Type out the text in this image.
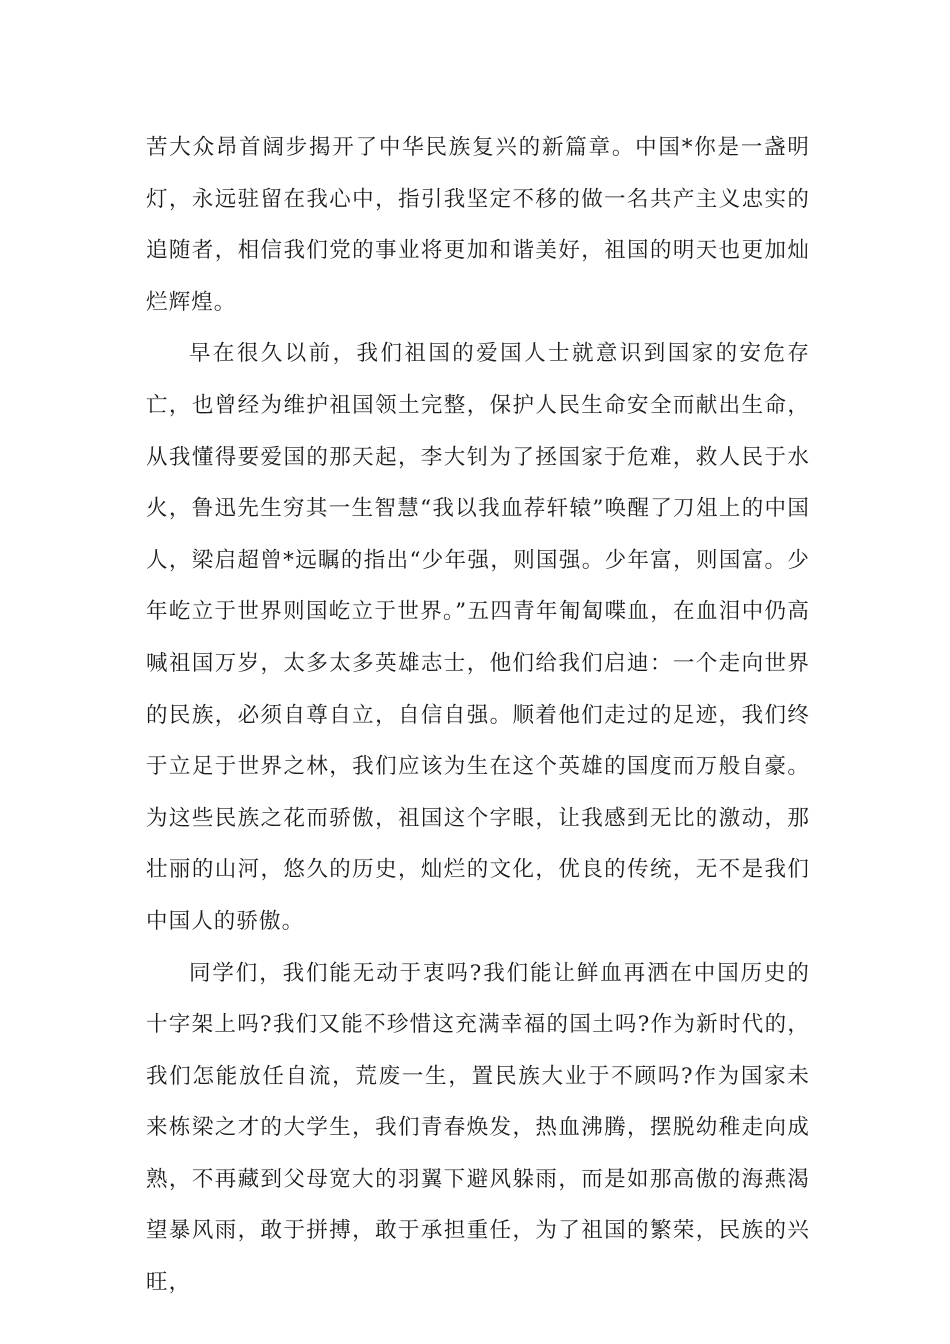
苦大众昂首阔步揭开了中华民族复兴的新篇章。中国*你是一盏明灯，永远驻留在我心中，指引我坚定不移的做一名共产主义忠实的追随者，相信我们党的事业将更加和谐美好，祖国的明天也更加灿烂辉煌。

早在很久以前，我们祖国的爱国人士就意识到国家的安危存亡，也曾经为维护祖国领土完整，保护人民生命安全而献出生命，从我懂得要爱国的那天起，李大钊为了拯国家于危难，救人民于水火，鲁迅先生穷其一生智慧“我以我血荐轩辕”唤醒了刀俎上的中国人，梁启超曾*远瞩的指出“少年强，则国强。少年富，则国富。少年屹立于世界则国屹立于世界。”五四青年匍匐喋血，在血泪中仍高喊祖国万岁，太多太多英雄志士，他们给我们启迪：一个走向世界的民族，必须自尊自立，自信自强。顺着他们走过的足迹，我们终于立足于世界之林，我们应该为生在这个英雄的国度而万般自豪。为这些民族之花而骄傲，祖国这个字眼，让我感到无比的激动，那壮丽的山河，悠久的历史，灿烂的文化，优良的传统，无不是我们中国人的骄傲。

同学们，我们能无动于衷吗?我们能让鲜血再洒在中国历史的十字架上吗?我们又能不珍惜这充满幸福的国土吗?作为新时代的，我们怎能放任自流，荒废一生，置民族大业于不顾吗?作为国家未来栋梁之才的大学生，我们青春焕发，热血沸腾，摆脱幼稚走向成熟，不再藏到父母宽大的羽翼下避风躲雨，而是如那高傲的海燕渴望暴风雨，敢于拼搏，敢于承担重任，为了祖国的繁荣，民族的兴旺，
